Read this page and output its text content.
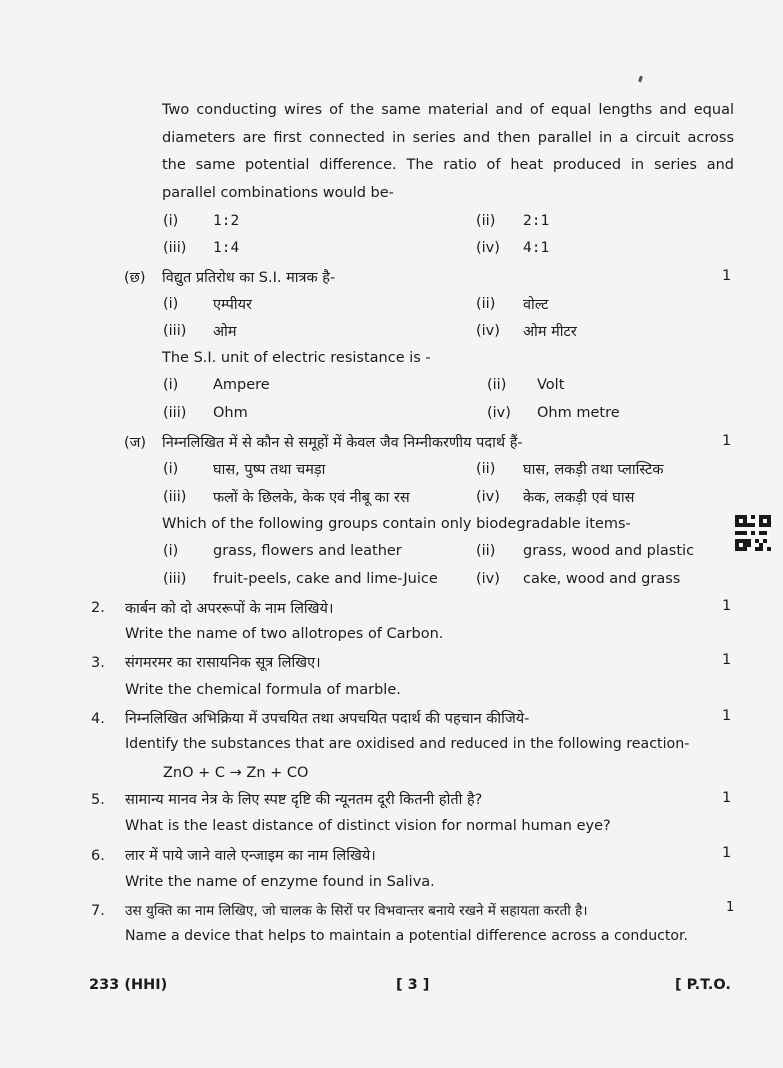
Two conducting wires of the same material and of equal lengths and equal
diameters are first connected in series and then parallel in a circuit across
the same potential difference. The ratio of heat produced in series and
parallel combinations would be-
(i) 1:2	(ii) 2:1
(iii) 1:4	(iv) 4:1
(छ) विद्युत प्रतिरोध का S.I. मात्रक है-	1
(i) एम्पीयर	(ii) वोल्ट
(iii) ओम	(iv) ओम मीटर
The S.I. unit of electric resistance is -
(i) Ampere	(ii) Volt
(iii) Ohm	(iv) Ohm metre
(ज) निम्नलिखित में से कौन से समूहों में केवल जैव निम्नीकरणीय पदार्थ हैं-	1
(i) घास, पुष्प तथा चमड़ा	(ii) घास, लकड़ी तथा प्लास्टिक
(iii) फलों के छिलके, केक एवं नीबू का रस	(iv) केक, लकड़ी एवं घास
Which of the following groups contain only biodegradable items-
(i) grass, flowers and leather	(ii) grass, wood and plastic
(iii) fruit-peels, cake and lime-Juice	(iv) cake, wood and grass
2. कार्बन को दो अपररूपों के नाम लिखिये।	1
Write the name of two allotropes of Carbon.
3. संगमरमर का रासायनिक सूत्र लिखिए।	1
Write the chemical formula of marble.
4. निम्नलिखित अभिक्रिया में उपचयित तथा अपचयित पदार्थ की पहचान कीजिये-	1
Identify the substances that are oxidised and reduced in the following reaction-
ZnO + C → Zn + CO
5. सामान्य मानव नेत्र के लिए स्पष्ट दृष्टि की न्यूनतम दूरी कितनी होती है?	1
What is the least distance of distinct vision for normal human eye?
6. लार में पाये जाने वाले एन्जाइम का नाम लिखिये।	1
Write the name of enzyme found in Saliva.
7. उस युक्ति का नाम लिखिए, जो चालक के सिरों पर विभवान्तर बनाये रखने में सहायता करती है।	1
Name a device that helps to maintain a potential difference across a conductor.
233 (HHI)	[ 3 ]	[ P.T.O.
